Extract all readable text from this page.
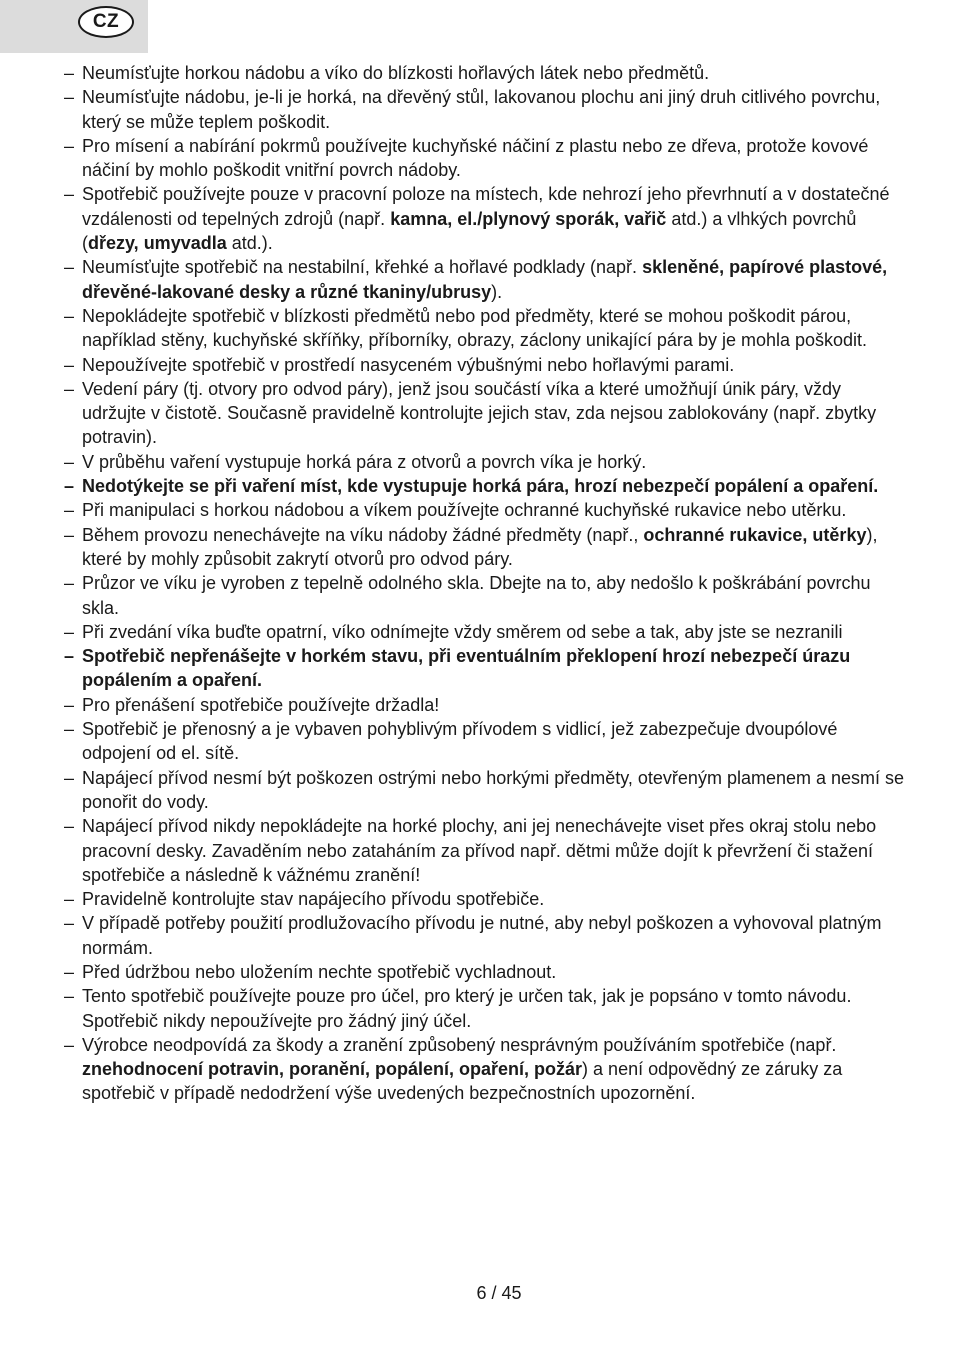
CZ
– Neumísťujte horkou nádobu a víko do blízkosti hořlavých látek nebo předmětů.
– Neumísťujte nádobu, je-li je horká, na dřevěný stůl, lakovanou plochu ani jiný druh citlivého povrchu, který se může teplem poškodit.
– Pro mísení a nabírání pokrmů používejte kuchyňské náčiní z plastu nebo ze dřeva, protože kovové náčiní by mohlo poškodit vnitřní povrch nádoby.
– Spotřebič používejte pouze v pracovní poloze na místech, kde nehrozí jeho převrhnutí a v dostatečné vzdálenosti od tepelných zdrojů (např. kamna, el./plynový sporák, vařič atd.) a vlhkých povrchů (dřezy, umyvadla atd.).
– Neumísťujte spotřebič na nestabilní, křehké a hořlavé podklady (např. skleněné, papírové plastové, dřevěné-lakované desky a různé tkaniny/ubrusy).
– Nepokládejte spotřebič v blízkosti předmětů nebo pod předměty, které se mohou poškodit párou, například stěny, kuchyňské skříňky, příborníky, obrazy, záclony unikající pára by je mohla poškodit.
– Nepoužívejte spotřebič v prostředí nasyceném výbušnými nebo hořlavými parami.
– Vedení páry (tj. otvory pro odvod páry), jenž jsou součástí víka a které umožňují únik páry, vždy udržujte v čistotě. Současně pravidelně kontrolujte jejich stav, zda nejsou zablokovány (např. zbytky potravin).
– V průběhu vaření vystupuje horká pára z otvorů a povrch víka je horký.
– Nedotýkejte se při vaření míst, kde vystupuje horká pára, hrozí nebezpečí popálení a opaření.
– Při manipulaci s horkou nádobou a víkem používejte ochranné kuchyňské rukavice nebo utěrku.
– Během provozu nenechávejte na víku nádoby žádné předměty (např., ochranné rukavice, utěrky), které by mohly způsobit zakrytí otvorů pro odvod páry.
– Průzor ve víku je vyroben z tepelně odolného skla. Dbejte na to, aby nedošlo k poškrábání povrchu skla.
– Při zvedání víka buďte opatrní, víko odnímejte vždy směrem od sebe a tak, aby jste se nezranili
– Spotřebič nepřenášejte v horkém stavu, při eventuálním překlopení hrozí nebezpečí úrazu popálením a opaření.
– Pro přenášení spotřebiče používejte držadla!
– Spotřebič je přenosný a je vybaven pohyblivým přívodem s vidlicí, jež zabezpečuje dvoupólové odpojení od el. sítě.
– Napájecí přívod nesmí být poškozen ostrými nebo horkými předměty, otevřeným plamenem a nesmí se ponořit do vody.
– Napájecí přívod nikdy nepokládejte na horké plochy, ani jej nenechávejte viset přes okraj stolu nebo pracovní desky. Zavaděním nebo zataháním za přívod např. dětmi může dojít k převržení či stažení spotřebiče a následně k vážnému zranění!
– Pravidelně kontrolujte stav napájecího přívodu spotřebiče.
– V případě potřeby použití prodlužovacího přívodu je nutné, aby nebyl poškozen a vyhovoval platným normám.
– Před údržbou nebo uložením nechte spotřebič vychladnout.
– Tento spotřebič používejte pouze pro účel, pro který je určen tak, jak je popsáno v tomto návodu. Spotřebič nikdy nepoužívejte pro žádný jiný účel.
– Výrobce neodpovídá za škody a zranění způsobený nesprávným používáním spotřebiče (např. znehodnocení potravin, poranění, popálení, opaření, požár) a není odpovědný ze záruky za spotřebič v případě nedodržení výše uvedených bezpečnostních upozornění.
6 / 45
